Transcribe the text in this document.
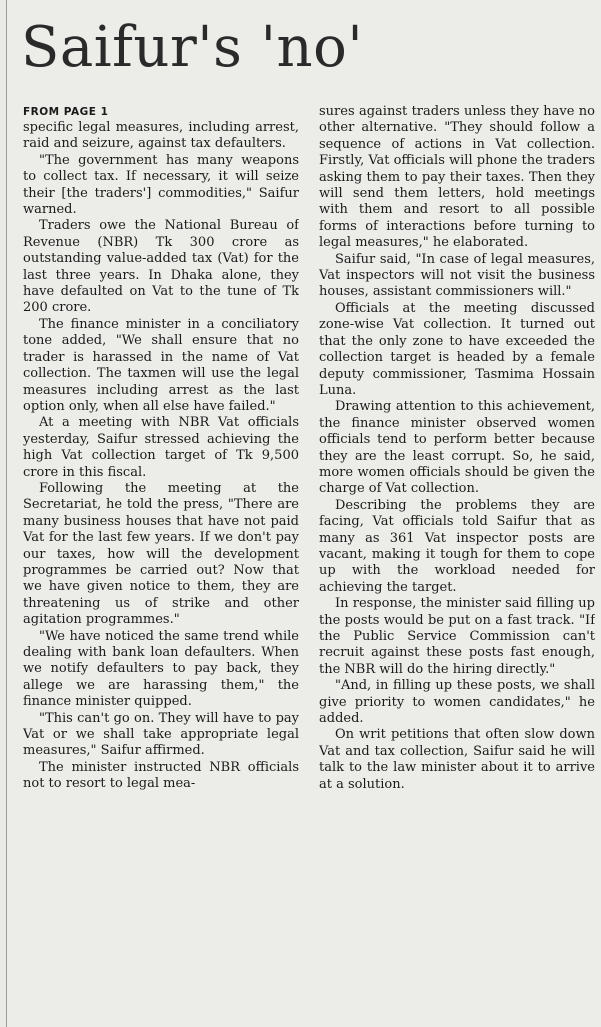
Saifur's 'no'
FROM PAGE 1

specific legal measures, including arrest, raid and seizure, against tax defaulters.

"The government has many weapons to collect tax. If necessary, it will seize their [the traders'] commodities," Saifur warned.

Traders owe the National Bureau of Revenue (NBR) Tk 300 crore as outstanding value-added tax (Vat) for the last three years. In Dhaka alone, they have defaulted on Vat to the tune of Tk 200 crore.

The finance minister in a conciliatory tone added, "We shall ensure that no trader is harassed in the name of Vat collection. The taxmen will use the legal measures including arrest as the last option only, when all else have failed."

At a meeting with NBR Vat officials yesterday, Saifur stressed achieving the high Vat collection target of Tk 9,500 crore in this fiscal.

Following the meeting at the Secretariat, he told the press, "There are many business houses that have not paid Vat for the last few years. If we don't pay our taxes, how will the development programmes be carried out? Now that we have given notice to them, they are threatening us of strike and other agitation programmes."

"We have noticed the same trend while dealing with bank loan defaulters. When we notify defaulters to pay back, they allege we are harassing them," the finance minister quipped.

"This can't go on. They will have to pay Vat or we shall take appropriate legal measures," Saifur affirmed.

The minister instructed NBR officials not to resort to legal mea-

sures against traders unless they have no other alternative. "They should follow a sequence of actions in Vat collection. Firstly, Vat officials will phone the traders asking them to pay their taxes. Then they will send them letters, hold meetings with them and resort to all possible forms of interactions before turning to legal measures," he elaborated.

Saifur said, "In case of legal measures, Vat inspectors will not visit the business houses, assistant commissioners will."

Officials at the meeting discussed zone-wise Vat collection. It turned out that the only zone to have exceeded the collection target is headed by a female deputy commissioner, Tasmima Hossain Luna.

Drawing attention to this achievement, the finance minister observed women officials tend to perform better because they are the least corrupt. So, he said, more women officials should be given the charge of Vat collection.

Describing the problems they are facing, Vat officials told Saifur that as many as 361 Vat inspector posts are vacant, making it tough for them to cope up with the workload needed for achieving the target.

In response, the minister said filling up the posts would be put on a fast track. "If the Public Service Commission can't recruit against these posts fast enough, the NBR will do the hiring directly."

"And, in filling up these posts, we shall give priority to women candidates," he added.

On writ petitions that often slow down Vat and tax collection, Saifur said he will talk to the law minister about it to arrive at a solution.
